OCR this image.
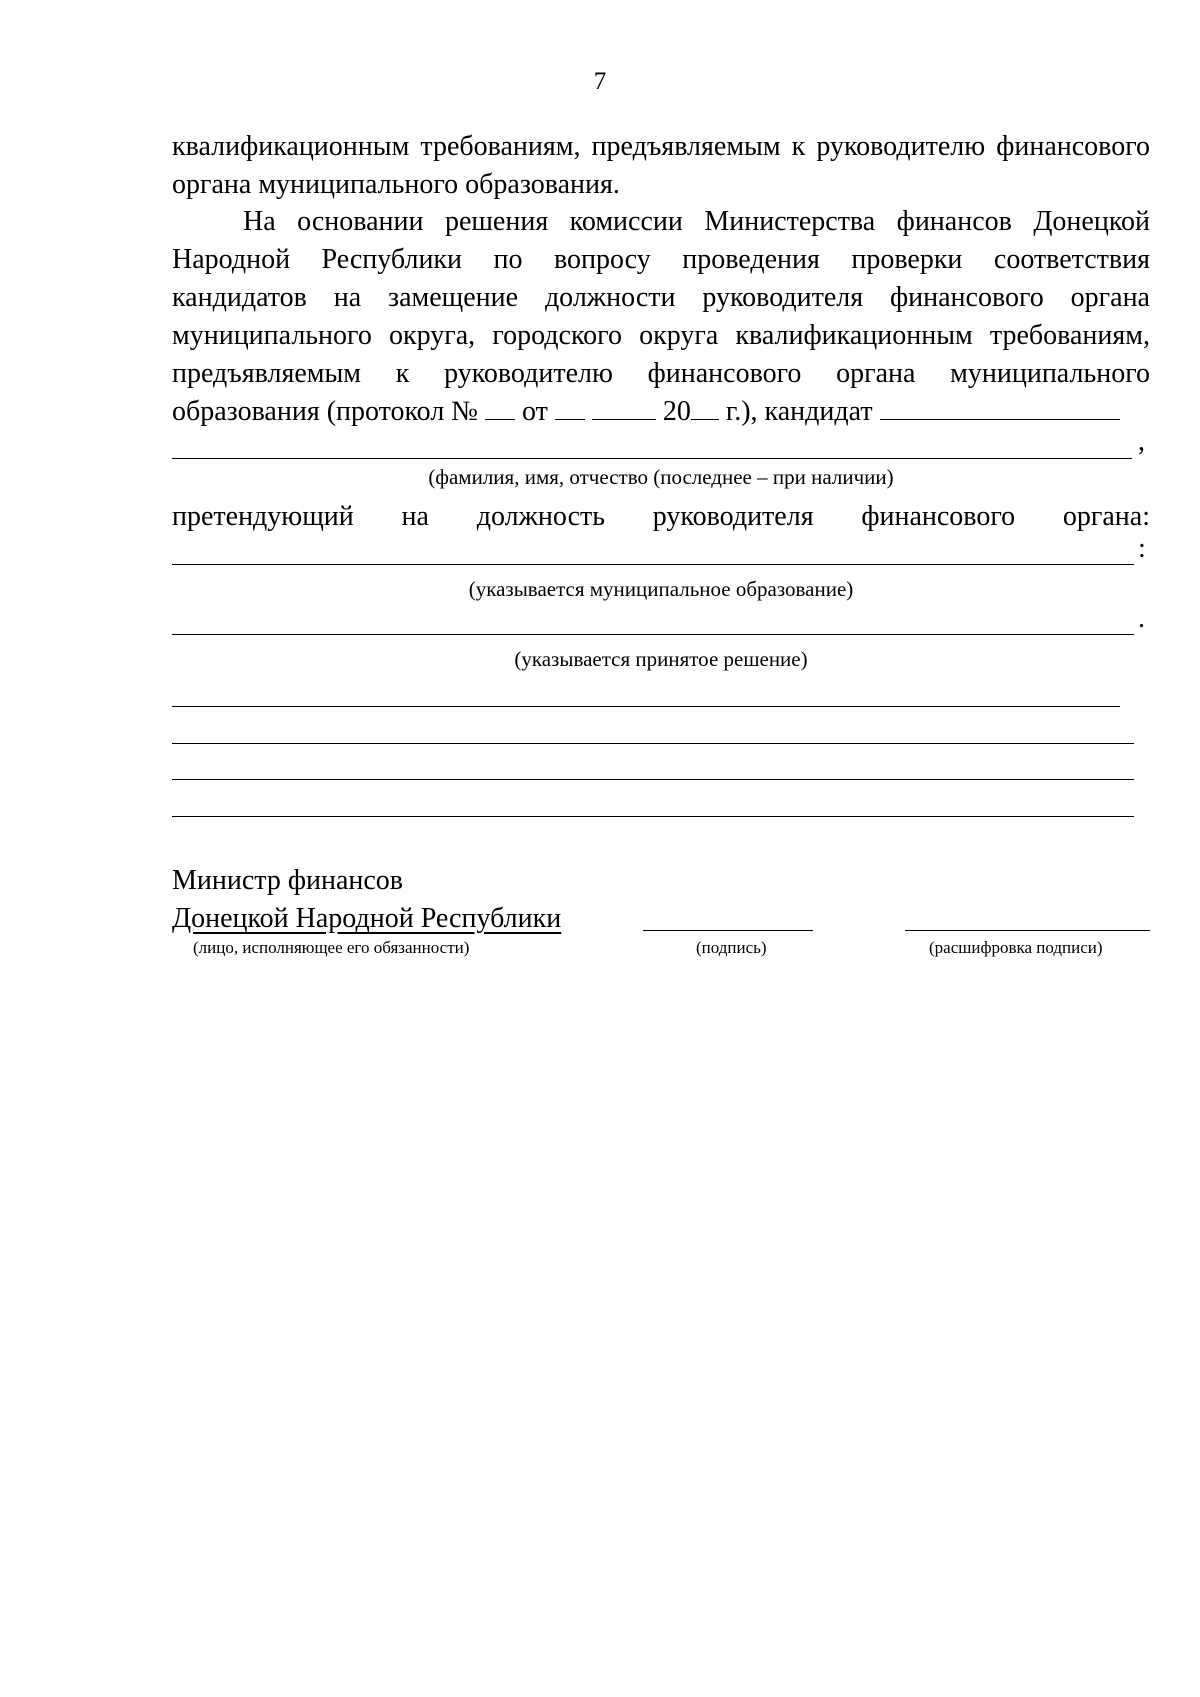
7
квалификационным требованиям, предъявляемым к руководителю финансового
органа муниципального образования.
На основании решения комиссии Министерства финансов Донецкой
Народной Республики по вопросу проведения проверки соответствия
кандидатов на замещение должности руководителя финансового органа
муниципального округа, городского округа квалификационным требованиям,
предъявляемым к руководителю финансового органа муниципального
образования (протокол № от	20 г.), кандидат
,
(фамилия, имя, отчество (последнее – при наличии)
претендующий на должность руководителя финансового органа:
:
(указывается муниципальное образование)
.
(указывается принятое решение)
Министр финансов
Донецкой Народной Республики
(лицо, исполняющее его обязанности)	(подпись)	(расшифровка подписи)
